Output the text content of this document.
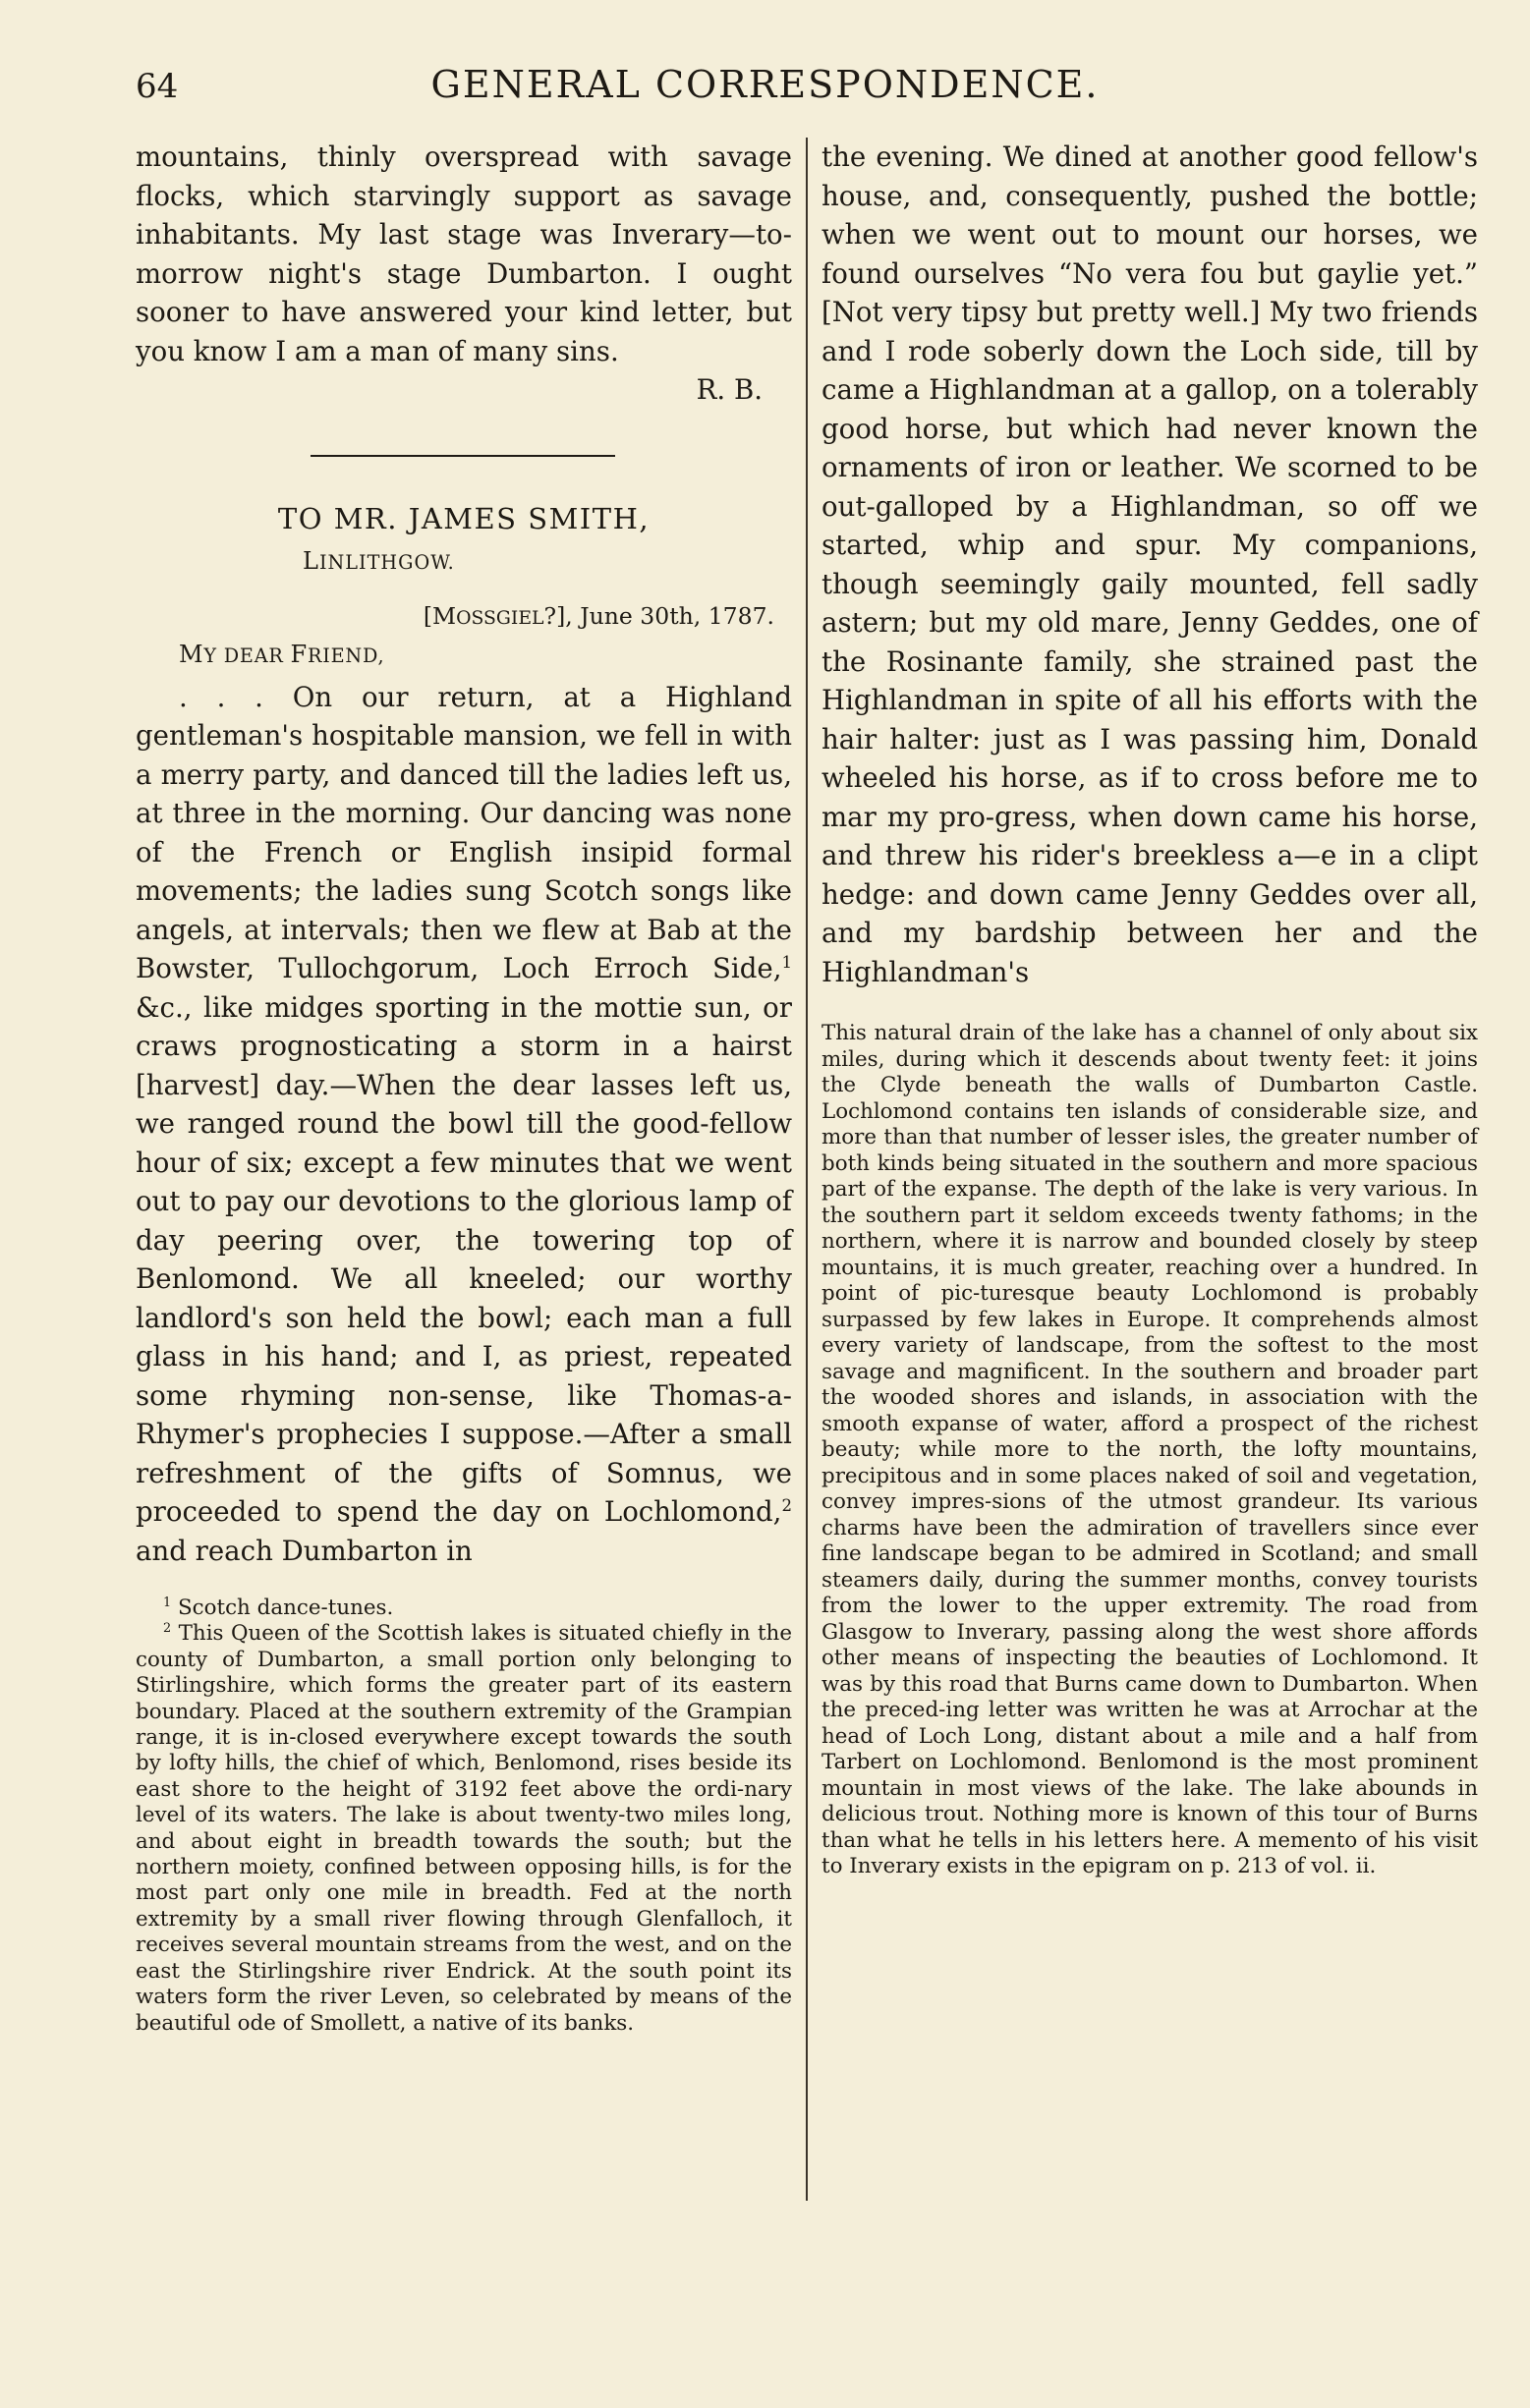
64	GENERAL CORRESPONDENCE.

mountains, thinly overspread with savage flocks, which starvingly support as savage inhabitants. My last stage was Inverary—to-morrow night's stage Dumbarton. I ought sooner to have answered your kind letter, but you know I am a man of many sins.

R. B.

TO MR. JAMES SMITH,

LINLITHGOW.

[MOSSGIEL?], June 30th, 1787.

MY DEAR FRIEND,

. . . On our return, at a Highland gentleman's hospitable mansion, we fell in with a merry party, and danced till the ladies left us, at three in the morning. Our dancing was none of the French or English insipid formal movements; the ladies sung Scotch songs like angels, at intervals; then we flew at Bab at the Bowster, Tullochgorum, Loch Erroch Side,$^1$ &c., like midges sporting in the mottie sun, or craws prognosticating a storm in a hairst [harvest] day.—When the dear lasses left us, we ranged round the bowl till the good-fellow hour of six; except a few minutes that we went out to pay our devotions to the glorious lamp of day peering over, the towering top of Benlomond. We all kneeled; our worthy landlord's son held the bowl; each man a full glass in his hand; and I, as priest, repeated some rhyming non-sense, like Thomas-a-Rhymer's prophecies I suppose.—After a small refreshment of the gifts of Somnus, we proceeded to spend the day on Lochlomond,$^2$ and reach Dumbarton in

$^1$ Scotch dance-tunes.

$^2$ This Queen of the Scottish lakes is situated chiefly in the county of Dumbarton, a small portion only belonging to Stirlingshire, which forms the greater part of its eastern boundary. Placed at the southern extremity of the Grampian range, it is in-closed everywhere except towards the south by lofty hills, the chief of which, Benlomond, rises beside its east shore to the height of 3192 feet above the ordi-nary level of its waters. The lake is about twenty-two miles long, and about eight in breadth towards the south; but the northern moiety, confined between opposing hills, is for the most part only one mile in breadth. Fed at the north extremity by a small river flowing through Glenfalloch, it receives several mountain streams from the west, and on the east the Stirlingshire river Endrick. At the south point its waters form the river Leven, so celebrated by means of the beautiful ode of Smollett, a native of its banks.

the evening. We dined at another good fellow's house, and, consequently, pushed the bottle; when we went out to mount our horses, we found ourselves “No vera fou but gaylie yet.” [Not very tipsy but pretty well.] My two friends and I rode soberly down the Loch side, till by came a Highlandman at a gallop, on a tolerably good horse, but which had never known the ornaments of iron or leather. We scorned to be out-galloped by a Highlandman, so off we started, whip and spur. My companions, though seemingly gaily mounted, fell sadly astern; but my old mare, Jenny Geddes, one of the Rosinante family, she strained past the Highlandman in spite of all his efforts with the hair halter: just as I was passing him, Donald wheeled his horse, as if to cross before me to mar my pro-gress, when down came his horse, and threw his rider's breekless a—e in a clipt hedge: and down came Jenny Geddes over all, and my bardship between her and the Highlandman's

This natural drain of the lake has a channel of only about six miles, during which it descends about twenty feet: it joins the Clyde beneath the walls of Dumbarton Castle. Lochlomond contains ten islands of considerable size, and more than that number of lesser isles, the greater number of both kinds being situated in the southern and more spacious part of the expanse. The depth of the lake is very various. In the southern part it seldom exceeds twenty fathoms; in the northern, where it is narrow and bounded closely by steep mountains, it is much greater, reaching over a hundred. In point of pic-turesque beauty Lochlomond is probably surpassed by few lakes in Europe. It comprehends almost every variety of landscape, from the softest to the most savage and magnificent. In the southern and broader part the wooded shores and islands, in association with the smooth expanse of water, afford a prospect of the richest beauty; while more to the north, the lofty mountains, precipitous and in some places naked of soil and vegetation, convey impres-sions of the utmost grandeur. Its various charms have been the admiration of travellers since ever fine landscape began to be admired in Scotland; and small steamers daily, during the summer months, convey tourists from the lower to the upper extremity. The road from Glasgow to Inverary, passing along the west shore affords other means of inspecting the beauties of Lochlomond. It was by this road that Burns came down to Dumbarton. When the preced-ing letter was written he was at Arrochar at the head of Loch Long, distant about a mile and a half from Tarbert on Lochlomond. Benlomond is the most prominent mountain in most views of the lake. The lake abounds in delicious trout. Nothing more is known of this tour of Burns than what he tells in his letters here. A memento of his visit to Inverary exists in the epigram on p. 213 of vol. ii.
